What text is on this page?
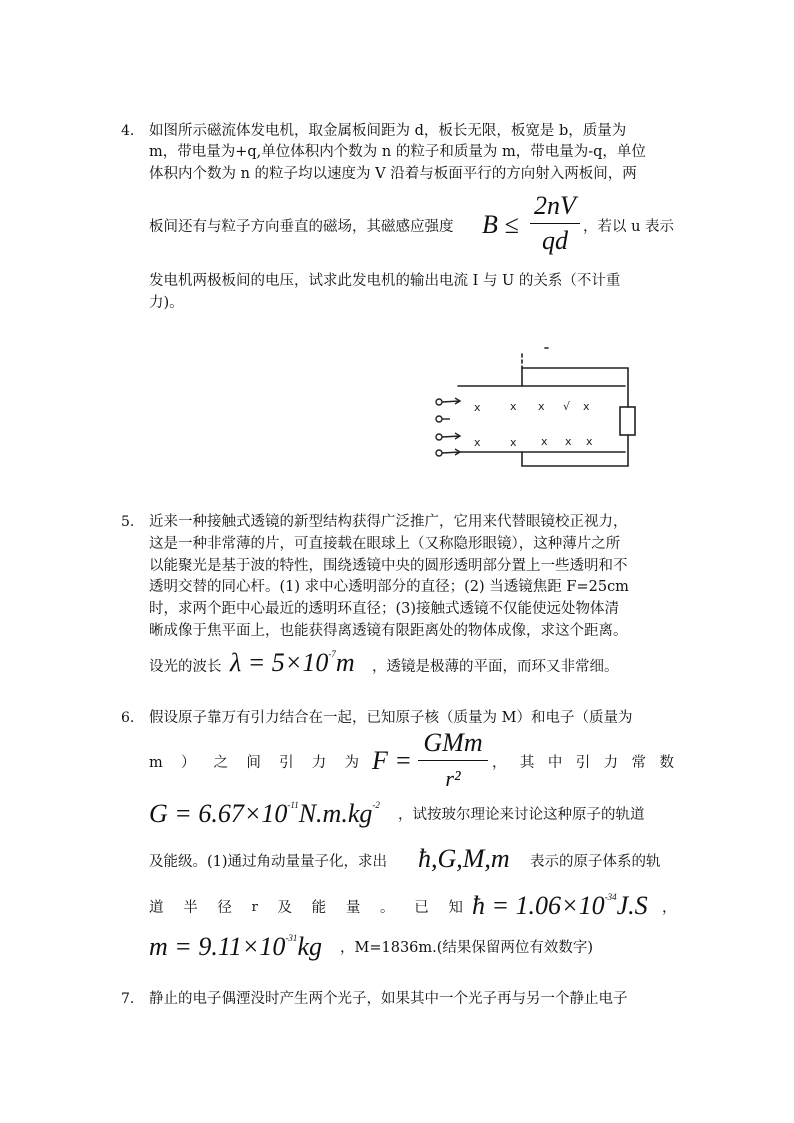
4. 如图所示磁流体发电机，取金属板间距为 d，板长无限，板宽是 b，质量为
m，带电量为+q,单位体积内个数为 n 的粒子和质量为 m，带电量为-q，单位
体积内个数为 n 的粒子均以速度为 V 沿着与板面平行的方向射入两板间，两
板间还有与粒子方向垂直的磁场，其磁感应强度 B ≤
2nV
qd	，若以 u 表示
发电机两极板间的电压，试求此发电机的输出电流 I 与 U 的关系（不计重
力)。
x	x x √ x
x	x x x x
5. 近来一种接触式透镜的新型结构获得广泛推广，它用来代替眼镜校正视力，
这是一种非常薄的片，可直接载在眼球上（又称隐形眼镜），这种薄片之所
以能聚光是基于波的特性，围绕透镜中央的圆形透明部分置上一些透明和不
透明交替的同心杆。(1) 求中心透明部分的直径；(2) 当透镜焦距 F=25cm
时，求两个距中心最近的透明环直径；(3)接触式透镜不仅能使远处物体清
晰成像于焦平面上，也能获得离透镜有限距离处的物体成像，求这个距离。
设光的波长 $\lambda = 5\times 10^{-7}m$ ，透镜是极薄的平面，而环又非常细。
6. 假设原子靠万有引力结合在一起，已知原子核（质量为 M）和电子（质量为
m ） 之 间 引 力 为 F =
GMm
r²
， 其 中 引 力 常 数
$G = 6.67\times 10^{-11}N.m.kg^{-2}$
，试按玻尔理论来讨论这种原子的轨道
及能级。(1)通过角动量量子化，求出 ħ,G,M,m 表示的原子体系的轨
道 半 径 r 及 能 量 。 已 知 ħ = $1.06\times 10^{-34}J.S$ ，
$m = 9.11\times 10^{-31}kg$ ，M=1836m.(结果保留两位有效数字)
7. 静止的电子偶湮没时产生两个光子，如果其中一个光子再与另一个静止电子
